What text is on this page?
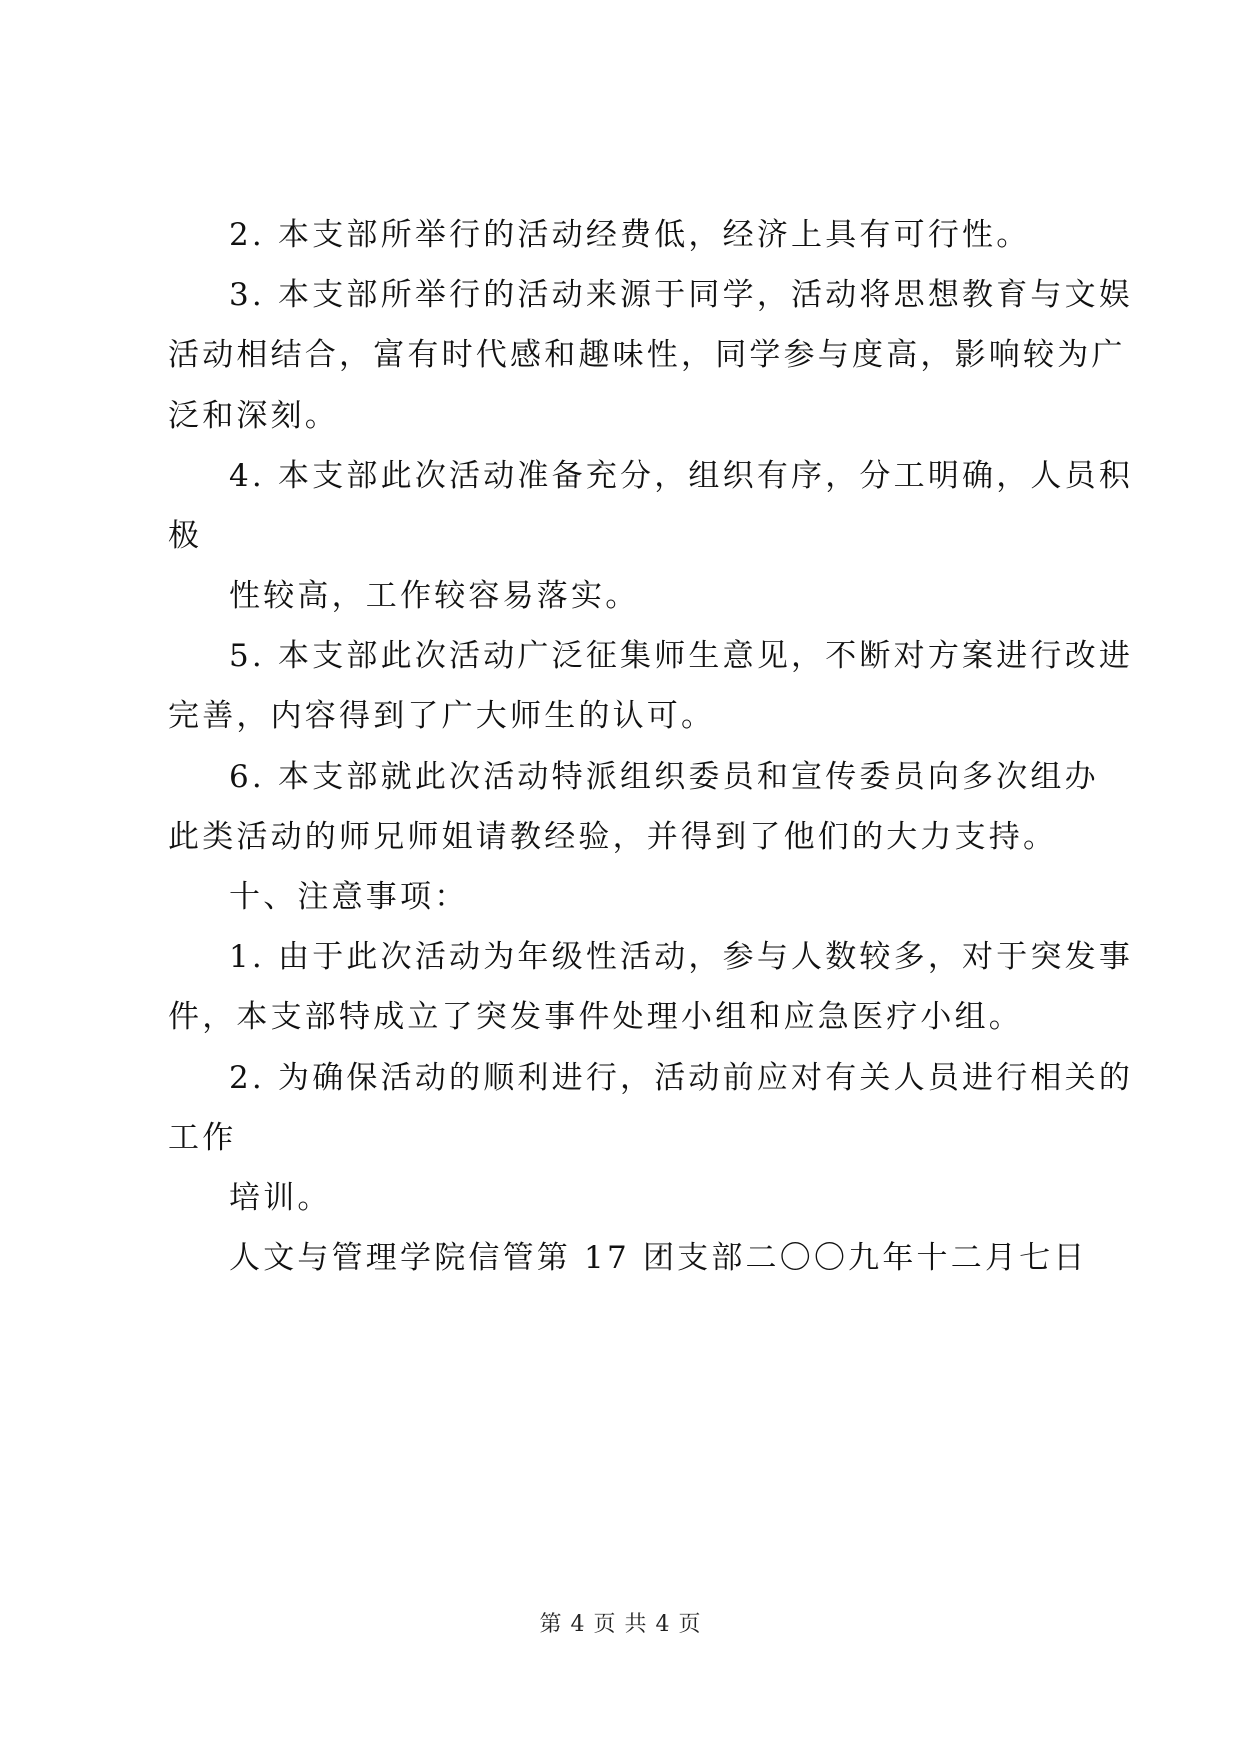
2. 本支部所举行的活动经费低，经济上具有可行性。
3. 本支部所举行的活动来源于同学，活动将思想教育与文娱
活动相结合，富有时代感和趣味性，同学参与度高，影响较为广
泛和深刻。
4. 本支部此次活动准备充分，组织有序，分工明确，人员积
极
性较高，工作较容易落实。
5. 本支部此次活动广泛征集师生意见，不断对方案进行改进
完善，内容得到了广大师生的认可。
6. 本支部就此次活动特派组织委员和宣传委员向多次组办
此类活动的师兄师姐请教经验，并得到了他们的大力支持。
十、注意事项：
1. 由于此次活动为年级性活动，参与人数较多，对于突发事
件，本支部特成立了突发事件处理小组和应急医疗小组。
2. 为确保活动的顺利进行，活动前应对有关人员进行相关的
工作
培训。
人文与管理学院信管第 17 团支部二〇〇九年十二月七日
第 4 页 共 4 页
